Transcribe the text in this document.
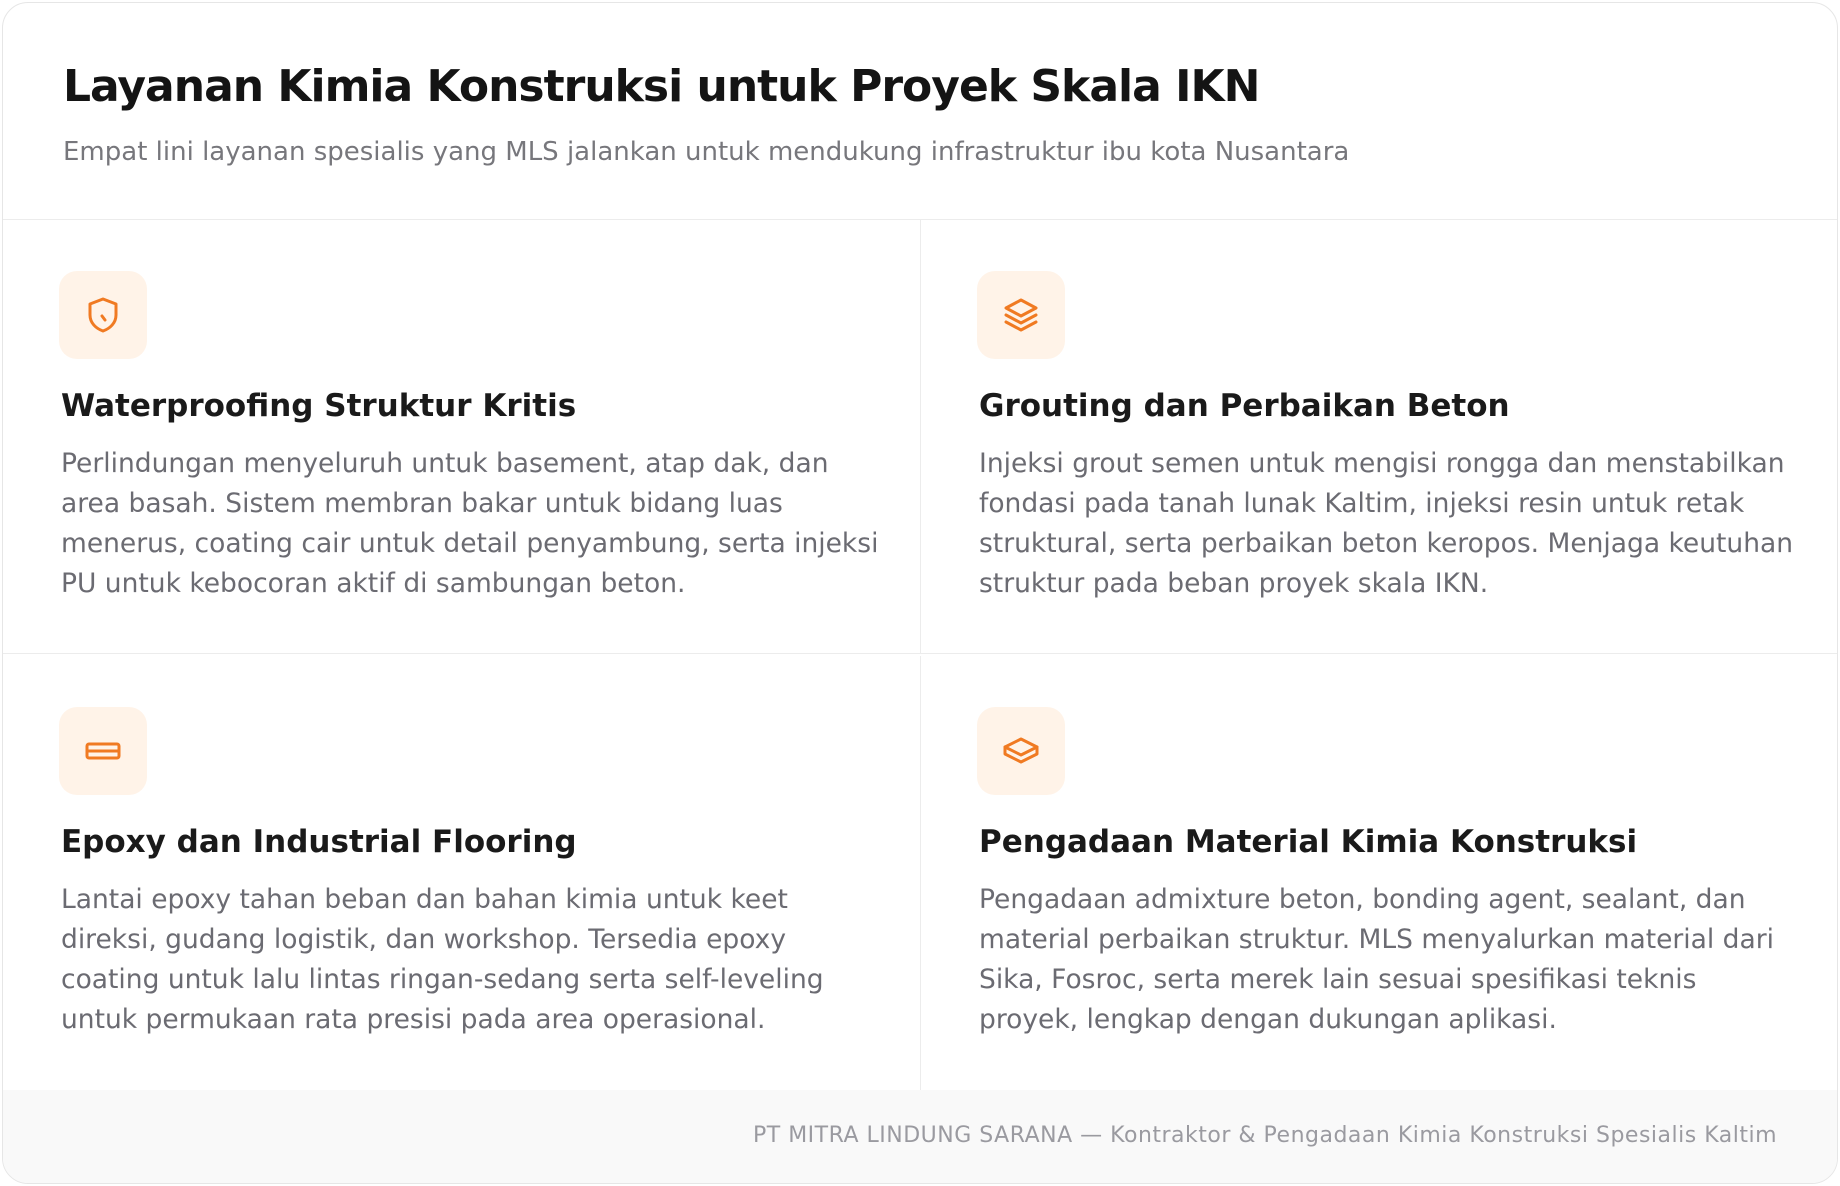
Layanan Kimia Konstruksi untuk Proyek Skala IKN

Empat lini layanan spesialis yang MLS jalankan untuk mendukung infrastruktur ibu kota Nusantara

Waterproofing Struktur Kritis

Perlindungan menyeluruh untuk basement, atap dak, dan area basah. Sistem membran bakar untuk bidang luas menerus, coating cair untuk detail penyambung, serta injeksi PU untuk kebocoran aktif di sambungan beton.

Grouting dan Perbaikan Beton

Injeksi grout semen untuk mengisi rongga dan menstabilkan fondasi pada tanah lunak Kaltim, injeksi resin untuk retak struktural, serta perbaikan beton keropos. Menjaga keutuhan struktur pada beban proyek skala IKN.

Epoxy dan Industrial Flooring

Lantai epoxy tahan beban dan bahan kimia untuk keet direksi, gudang logistik, dan workshop. Tersedia epoxy coating untuk lalu lintas ringan-sedang serta self-leveling untuk permukaan rata presisi pada area operasional.

Pengadaan Material Kimia Konstruksi

Pengadaan admixture beton, bonding agent, sealant, dan material perbaikan struktur. MLS menyalurkan material dari Sika, Fosroc, serta merek lain sesuai spesifikasi teknis proyek, lengkap dengan dukungan aplikasi.

PT MITRA LINDUNG SARANA — Kontraktor & Pengadaan Kimia Konstruksi Spesialis Kaltim
